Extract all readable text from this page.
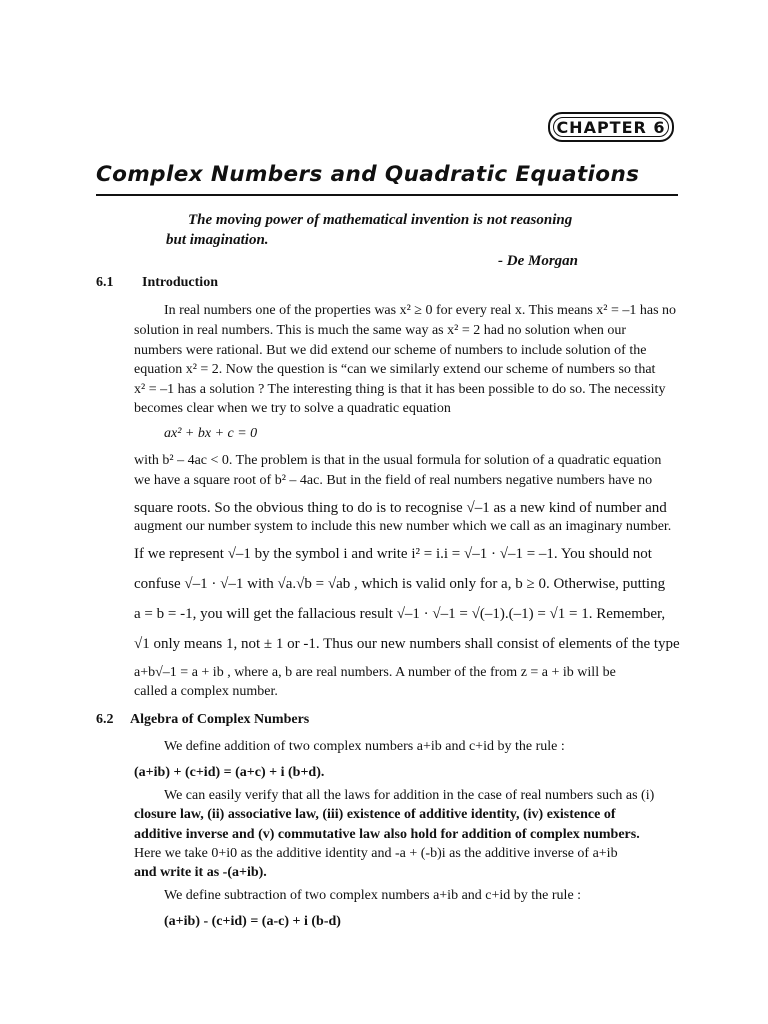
CHAPTER 6
Complex Numbers and Quadratic Equations
The moving power of mathematical invention is not reasoning
but imagination.
- De Morgan
6.1 Introduction
In real numbers one of the properties was x² ≥ 0 for every real x. This means x² = –1 has no
solution in real numbers. This is much the same way as x² = 2 had no solution when our
numbers were rational. But we did extend our scheme of numbers to include solution of the
equation x² = 2. Now the question is “can we similarly extend our scheme of numbers so that
x² = –1 has a solution ? The interesting thing is that it has been possible to do so. The necessity
becomes clear when we try to solve a quadratic equation
ax² + bx + c = 0
with b² – 4ac < 0. The problem is that in the usual formula for solution of a quadratic equation
we have a square root of b² – 4ac. But in the field of real numbers negative numbers have no
square roots. So the obvious thing to do is to recognise √–1 as a new kind of number and
augment our number system to include this new number which we call as an imaginary number.
If we represent √–1 by the symbol i and write i² = i.i = √–1 · √–1 = –1. You should not
confuse √–1 · √–1 with √a.√b = √ab , which is valid only for a, b ≥ 0. Otherwise, putting
a = b = -1, you will get the fallacious result √–1 · √–1 = √(–1).(–1) = √1 = 1. Remember,
√1 only means 1, not ± 1 or -1. Thus our new numbers shall consist of elements of the type
a+b√–1 = a + ib , where a, b are real numbers. A number of the from z = a + ib will be
called a complex number.
6.2 Algebra of Complex Numbers
We define addition of two complex numbers a+ib and c+id by the rule :
(a+ib) + (c+id) = (a+c) + i (b+d).
We can easily verify that all the laws for addition in the case of real numbers such as (i)
closure law, (ii) associative law, (iii) existence of additive identity, (iv) existence of
additive inverse and (v) commutative law also hold for addition of complex numbers.
Here we take 0+i0 as the additive identity and -a + (-b)i as the additive inverse of a+ib
and write it as -(a+ib).
We define subtraction of two complex numbers a+ib and c+id by the rule :
(a+ib) - (c+id) = (a-c) + i (b-d)
